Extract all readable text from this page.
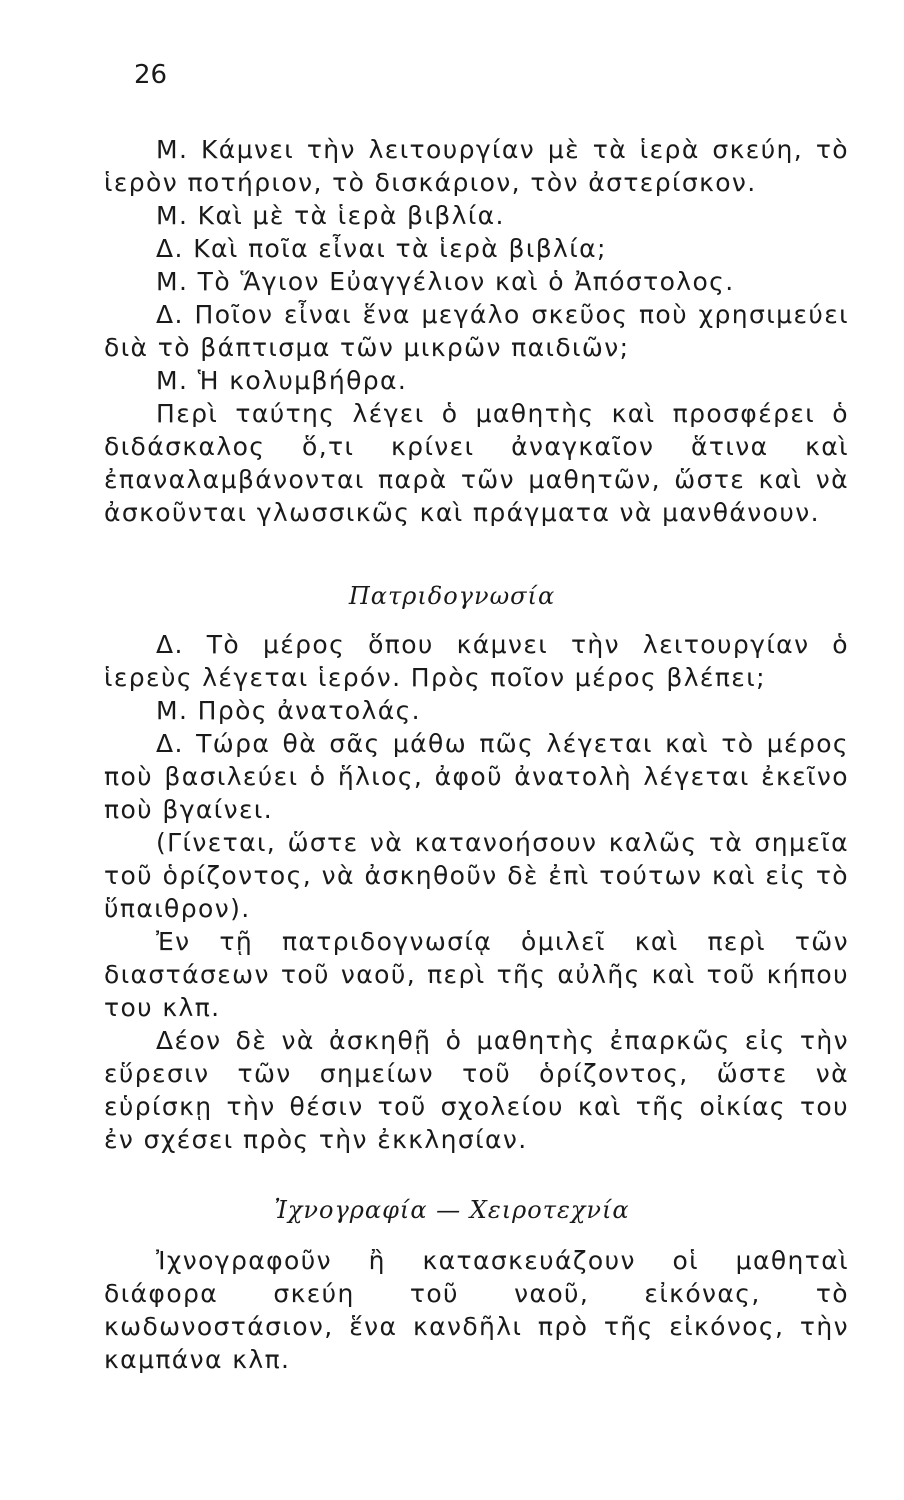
26

Μ. Κάμνει τὴν λειτουργίαν μὲ τὰ ἱερὰ σκεύη, τὸ ἱερὸν ποτήριον, τὸ δισκάριον, τὸν ἀστερίσκον.

Μ. Καὶ μὲ τὰ ἱερὰ βιβλία.

Δ. Καὶ ποῖα εἶναι τὰ ἱερὰ βιβλία;

Μ. Τὸ Ἅγιον Εὐαγγέλιον καὶ ὁ Ἀπόστολος.

Δ. Ποῖον εἶναι ἕνα μεγάλο σκεῦος ποὺ χρησιμεύει διὰ τὸ βάπτισμα τῶν μικρῶν παιδιῶν;

Μ. Ἡ κολυμβήθρα.

Περὶ ταύτης λέγει ὁ μαθητὴς καὶ προσφέρει ὁ διδάσκαλος ὅ,τι κρίνει ἀναγκαῖον ἅτινα καὶ ἐπαναλαμβάνονται παρὰ τῶν μαθητῶν, ὥστε καὶ νὰ ἀσκοῦνται γλωσσικῶς καὶ πράγματα νὰ μανθάνουν.

Πατριδογνωσία

Δ. Τὸ μέρος ὅπου κάμνει τὴν λειτουργίαν ὁ ἱερεὺς λέγεται ἱερόν. Πρὸς ποῖον μέρος βλέπει;

Μ. Πρὸς ἀνατολάς.

Δ. Τώρα θὰ σᾶς μάθω πῶς λέγεται καὶ τὸ μέρος ποὺ βασιλεύει ὁ ἥλιος, ἀφοῦ ἀνατολὴ λέγεται ἐκεῖνο ποὺ βγαίνει.

(Γίνεται, ὥστε νὰ κατανοήσουν καλῶς τὰ σημεῖα τοῦ ὁρίζοντος, νὰ ἀσκηθοῦν δὲ ἐπὶ τούτων καὶ εἰς τὸ ὕπαιθρον).

Ἐν τῇ πατριδογνωσίᾳ ὁμιλεῖ καὶ περὶ τῶν διαστάσεων τοῦ ναοῦ, περὶ τῆς αὐλῆς καὶ τοῦ κήπου του κλπ.

Δέον δὲ νὰ ἀσκηθῇ ὁ μαθητὴς ἐπαρκῶς εἰς τὴν εὕρεσιν τῶν σημείων τοῦ ὁρίζοντος, ὥστε νὰ εὑρίσκῃ τὴν θέσιν τοῦ σχολείου καὶ τῆς οἰκίας του ἐν σχέσει πρὸς τὴν ἐκκλησίαν.

Ἰχνογραφία — Χειροτεχνία

Ἰχνογραφοῦν ἢ κατασκευάζουν οἱ μαθηταὶ διάφορα σκεύη τοῦ ναοῦ, εἰκόνας, τὸ κωδωνοστάσιον, ἕνα κανδῆλι πρὸ τῆς εἰκόνος, τὴν καμπάνα κλπ.
